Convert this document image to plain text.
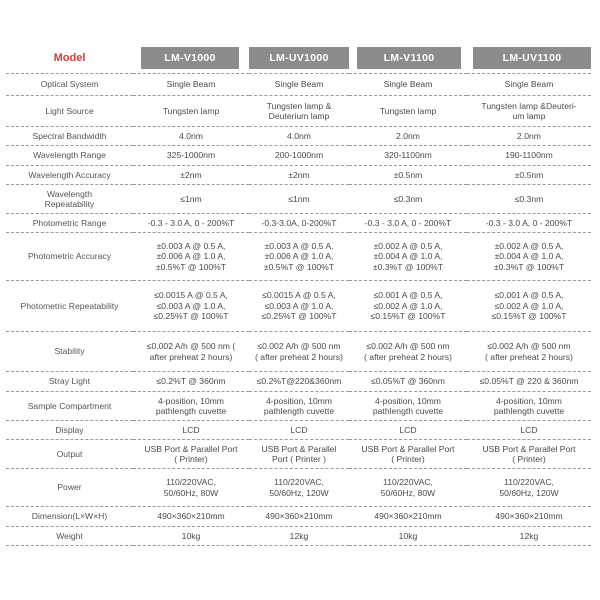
Model	LM-V1000	LM-UV1000	LM-V1100	LM-UV1100

Optical System	Single Beam	Single Beam	Single Beam	Single Beam
Light Source	Tungsten lamp	Tungsten lamp &
Deuterium lamp	Tungsten lamp	Tungsten lamp &Deuteri-
um lamp
Spectral Bandwidth	4.0nm	4.0nm	2.0nm	2.0nm
Wavelength Range	325-1000nm	200-1000nm	320-1100nm	190-1100nm
Wavelength Accuracy	±2nm	±2nm	±0.5nm	±0.5nm
Wavelength
Repeatability	≤1nm	≤1nm	≤0.3nm	≤0.3nm
Photometric Range	-0.3 - 3.0 A, 0 - 200%T	-0.3-3.0A, 0-200%T	-0.3 - 3.0 A, 0 - 200%T	-0.3 - 3.0 A, 0 - 200%T
Photometric Accuracy	±0.003 A @ 0.5 A,
±0.006 A @ 1.0 A,
±0.5%T @ 100%T	±0.003 A @ 0.5 A,
±0.006 A @ 1.0 A,
±0.5%T @ 100%T	±0.002 A @ 0.5 A,
±0.004 A @ 1.0 A,
±0.3%T @ 100%T	±0.002 A @ 0.5 A,
±0.004 A @ 1.0 A,
±0.3%T @ 100%T
Photometric Repeatability	≤0.0015 A @ 0.5 A,
≤0.003 A @ 1.0 A,
≤0.25%T @ 100%T	≤0.0015 A @ 0.5 A,
≤0.003 A @ 1.0 A,
≤0.25%T @ 100%T	≤0.001 A @ 0.5 A,
≤0.002 A @ 1.0 A,
≤0.15%T @ 100%T	≤0.001 A @ 0.5 A,
≤0.002 A @ 1.0 A,
≤0.15%T @ 100%T
Stability	≤0.002 A/h @ 500 nm (
after preheat 2 hours)	≤0.002 A/h @ 500 nm
( after preheat 2 hours)	≤0.002 A/h @ 500 nm
( after preheat 2 hours)	≤0.002 A/h @ 500 nm
( after preheat 2 hours)
Stray Light	≤0.2%T @ 360nm	≤0.2%T@220&360nm	≤0.05%T @ 360nm	≤0.05%T @ 220 & 360nm
Sample Compartment	4-position, 10mm
pathlength cuvette	4-position, 10mm
pathlength cuvette	4-position, 10mm
pathlength cuvette	4-position, 10mm
pathlength cuvette
Display	LCD	LCD	LCD	LCD
Output	USB Port & Parallel Port
( Printer)	USB Port & Parallel
Port ( Printer )	USB Port & Parallel Port
( Printer)	USB Port & Parallel Port
( Printer)
Power	110/220VAC,
50/60Hz, 80W	110/220VAC,
50/60Hz, 120W	110/220VAC,
50/60Hz, 80W	110/220VAC,
50/60Hz, 120W
Dimension(L×W×H)	490×360×210mm	490×360×210mm	490×360×210mm	490×360×210mm
Weight	10kg	12kg	10kg	12kg
